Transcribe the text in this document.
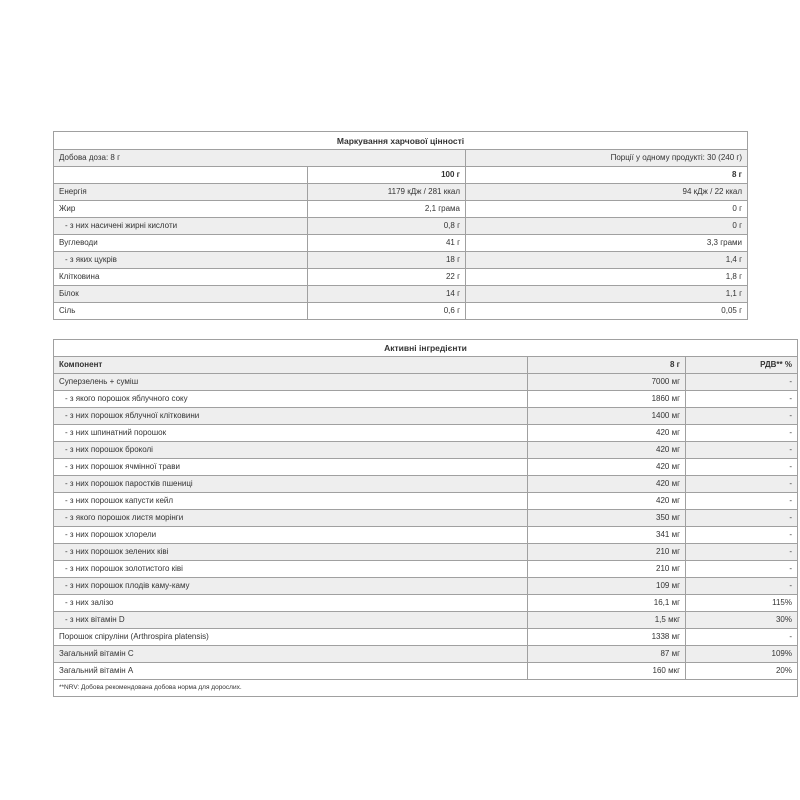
Маркування харчової цінності		
Добова доза: 8 г		Порції у одному продукті: 30 (240 г)
	100 г	8 г
Енергія	1179 кДж / 281 ккал	94 кДж / 22 ккал
Жир	2,1 грама	0 г
- з них насичені жирні кислоти	0,8 г	0 г
Вуглеводи	41 г	3,3 грами
- з яких цукрів	18 г	1,4 г
Клітковина	22 г	1,8 г
Білок	14 г	1,1 г
Сіль	0,6 г	0,05 г
Активні інгредієнти		
Компонент	8 г	РДВ** %
Суперзелень + суміш	7000 мг	-
- з якого порошок яблучного соку	1860 мг	-
- з них порошок яблучної клітковини	1400 мг	-
- з них шпинатний порошок	420 мг	-
- з них порошок броколі	420 мг	-
- з них порошок ячмінної трави	420 мг	-
- з них порошок паростків пшениці	420 мг	-
- з них порошок капусти кейл	420 мг	-
- з якого порошок листя морінги	350 мг	-
- з них порошок хлорели	341 мг	-
- з них порошок зелених ківі	210 мг	-
- з них порошок золотистого ківі	210 мг	-
- з них порошок плодів каму-каму	109 мг	-
- з них залізо	16,1 мг	115%
- з них вітамін D	1,5 мкг	30%
Порошок спіруліни (Arthrospira platensis)	1338 мг	-
Загальний вітамін С	87 мг	109%
Загальний вітамін А	160 мкг	20%
**NRV: Добова рекомендована добова норма для дорослих.		
